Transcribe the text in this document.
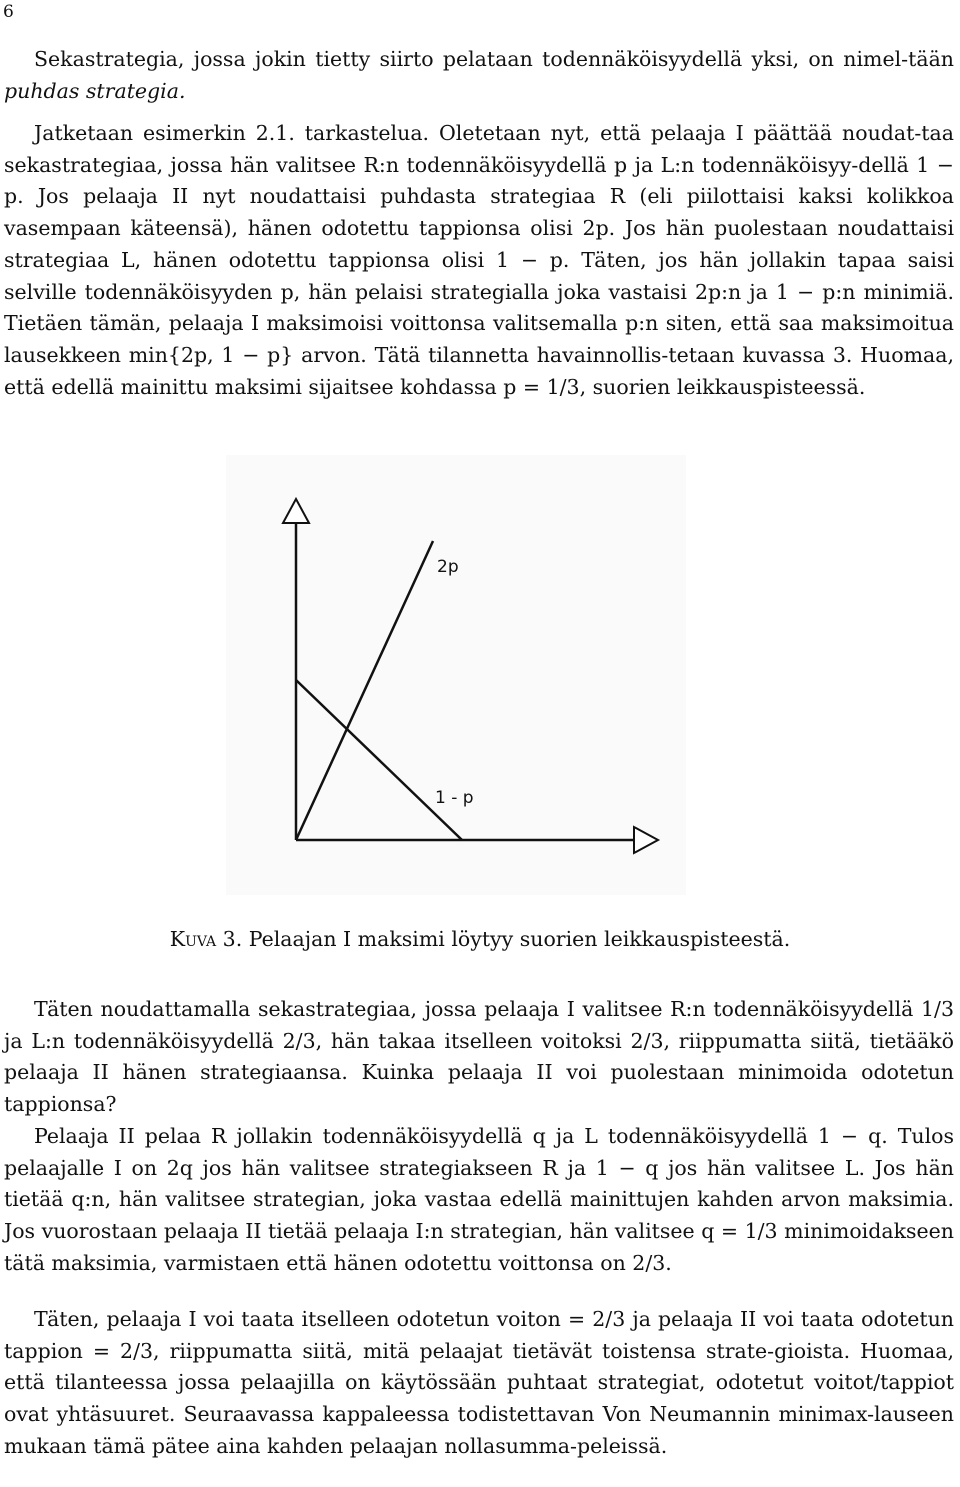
6

Sekastrategia, jossa jokin tietty siirto pelataan todennäköisyydellä yksi, on nimel-tään puhdas strategia.

Jatketaan esimerkin 2.1. tarkastelua. Oletetaan nyt, että pelaaja I päättää noudat-taa sekastrategiaa, jossa hän valitsee R:n todennäköisyydellä p ja L:n todennäköisyy-dellä 1 − p. Jos pelaaja II nyt noudattaisi puhdasta strategiaa R (eli piilottaisi kaksi kolikkoa vasempaan käteensä), hänen odotettu tappionsa olisi 2p. Jos hän puolestaan noudattaisi strategiaa L, hänen odotettu tappionsa olisi 1 − p. Täten, jos hän jollakin tapaa saisi selville todennäköisyyden p, hän pelaisi strategialla joka vastaisi 2p:n ja 1 − p:n minimiä. Tietäen tämän, pelaaja I maksimoisi voittonsa valitsemalla p:n siten, että saa maksimoitua lausekkeen min{2p, 1 − p} arvon. Tätä tilannetta havainnollis-tetaan kuvassa 3. Huomaa, että edellä mainittu maksimi sijaitsee kohdassa p = 1/3, suorien leikkauspisteessä.

2p
1 - p
Kuva 3. Pelaajan I maksimi löytyy suorien leikkauspisteestä.

Täten noudattamalla sekastrategiaa, jossa pelaaja I valitsee R:n todennäköisyydellä 1/3 ja L:n todennäköisyydellä 2/3, hän takaa itselleen voitoksi 2/3, riippumatta siitä, tietääkö pelaaja II hänen strategiaansa. Kuinka pelaaja II voi puolestaan minimoida odotetun tappionsa?

Pelaaja II pelaa R jollakin todennäköisyydellä q ja L todennäköisyydellä 1 − q. Tulos pelaajalle I on 2q jos hän valitsee strategiakseen R ja 1 − q jos hän valitsee L. Jos hän tietää q:n, hän valitsee strategian, joka vastaa edellä mainittujen kahden arvon maksimia. Jos vuorostaan pelaaja II tietää pelaaja I:n strategian, hän valitsee q = 1/3 minimoidakseen tätä maksimia, varmistaen että hänen odotettu voittonsa on 2/3.

Täten, pelaaja I voi taata itselleen odotetun voiton = 2/3 ja pelaaja II voi taata odotetun tappion = 2/3, riippumatta siitä, mitä pelaajat tietävät toistensa strate-gioista. Huomaa, että tilanteessa jossa pelaajilla on käytössään puhtaat strategiat, odotetut voitot/tappiot ovat yhtäsuuret. Seuraavassa kappaleessa todistettavan Von Neumannin minimax-lauseen mukaan tämä pätee aina kahden pelaajan nollasumma-peleissä.
